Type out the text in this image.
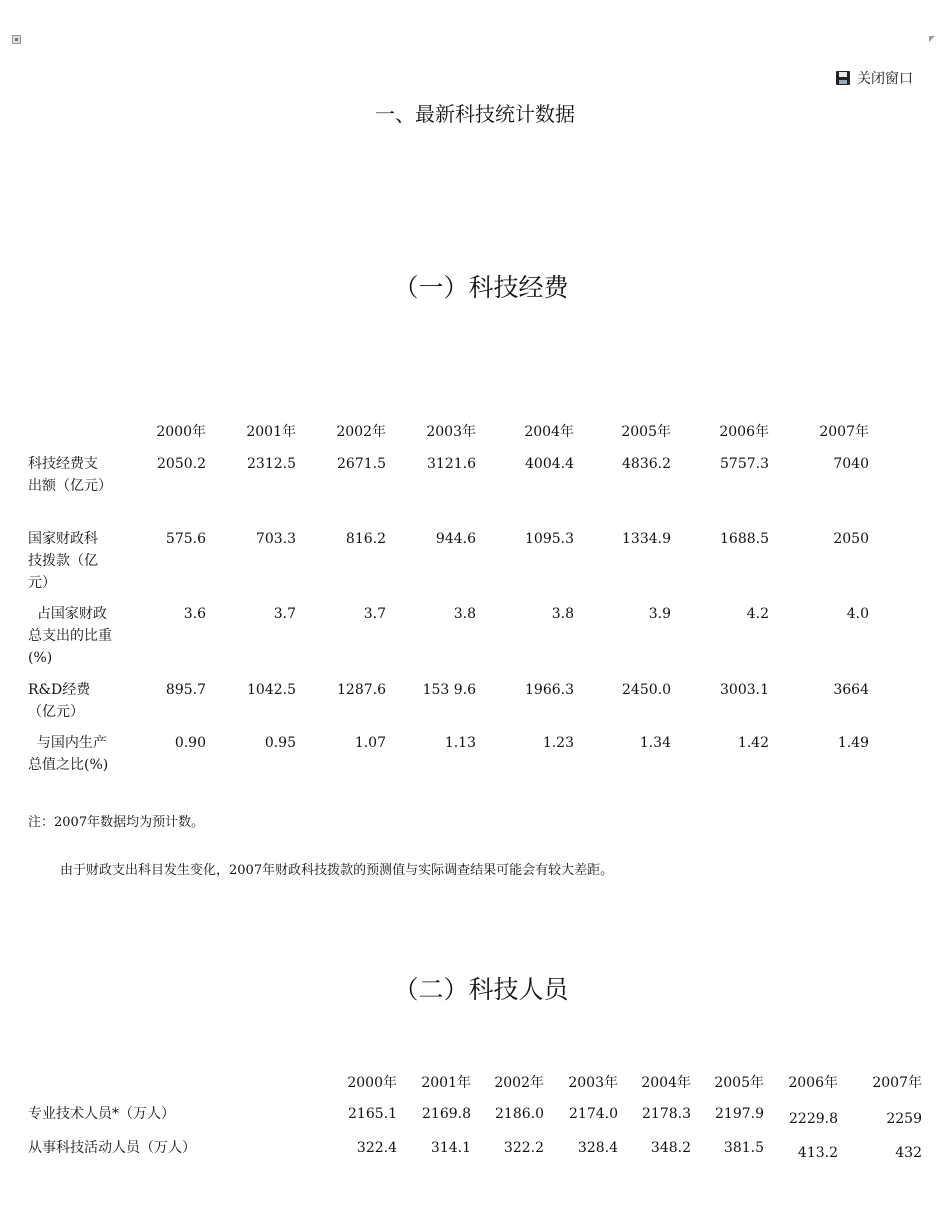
关闭窗口
一、最新科技统计数据
（一）科技经费
2000年	2001年	2002年	2003年	2004年	2005年	2006年	2007年
科技经费支出额（亿元）
2050.2	2312.5	2671.5	3121.6	4004.4	4836.2	5757.3	7040
国家财政科技拨款（亿元）
575.6	703.3	816.2	944.6	1095.3	1334.9	1688.5	2050
占国家财政总支出的比重(%)
3.6	3.7	3.7	3.8	3.8	3.9	4.2	4.0
R&D经费（亿元）
895.7	1042.5	1287.6	153 9.6	1966.3	2450.0	3003.1	3664
与国内生产总值之比(%)
0.90	0.95	1.07	1.13	1.23	1.34	1.42	1.49
注：2007年数据均为预计数。
由于财政支出科目发生变化，2007年财政科技拨款的预测值与实际调查结果可能会有较大差距。
（二）科技人员
2000年	2001年	2002年	2003年	2004年	2005年	2006年	2007年
专业技术人员*（万人）	2165.1	2169.8	2186.0	2174.0	2178.3	2197.9	2229.8	2259
从事科技活动人员（万人）	322.4	314.1	322.2	328.4	348.2	381.5	413.2	432
